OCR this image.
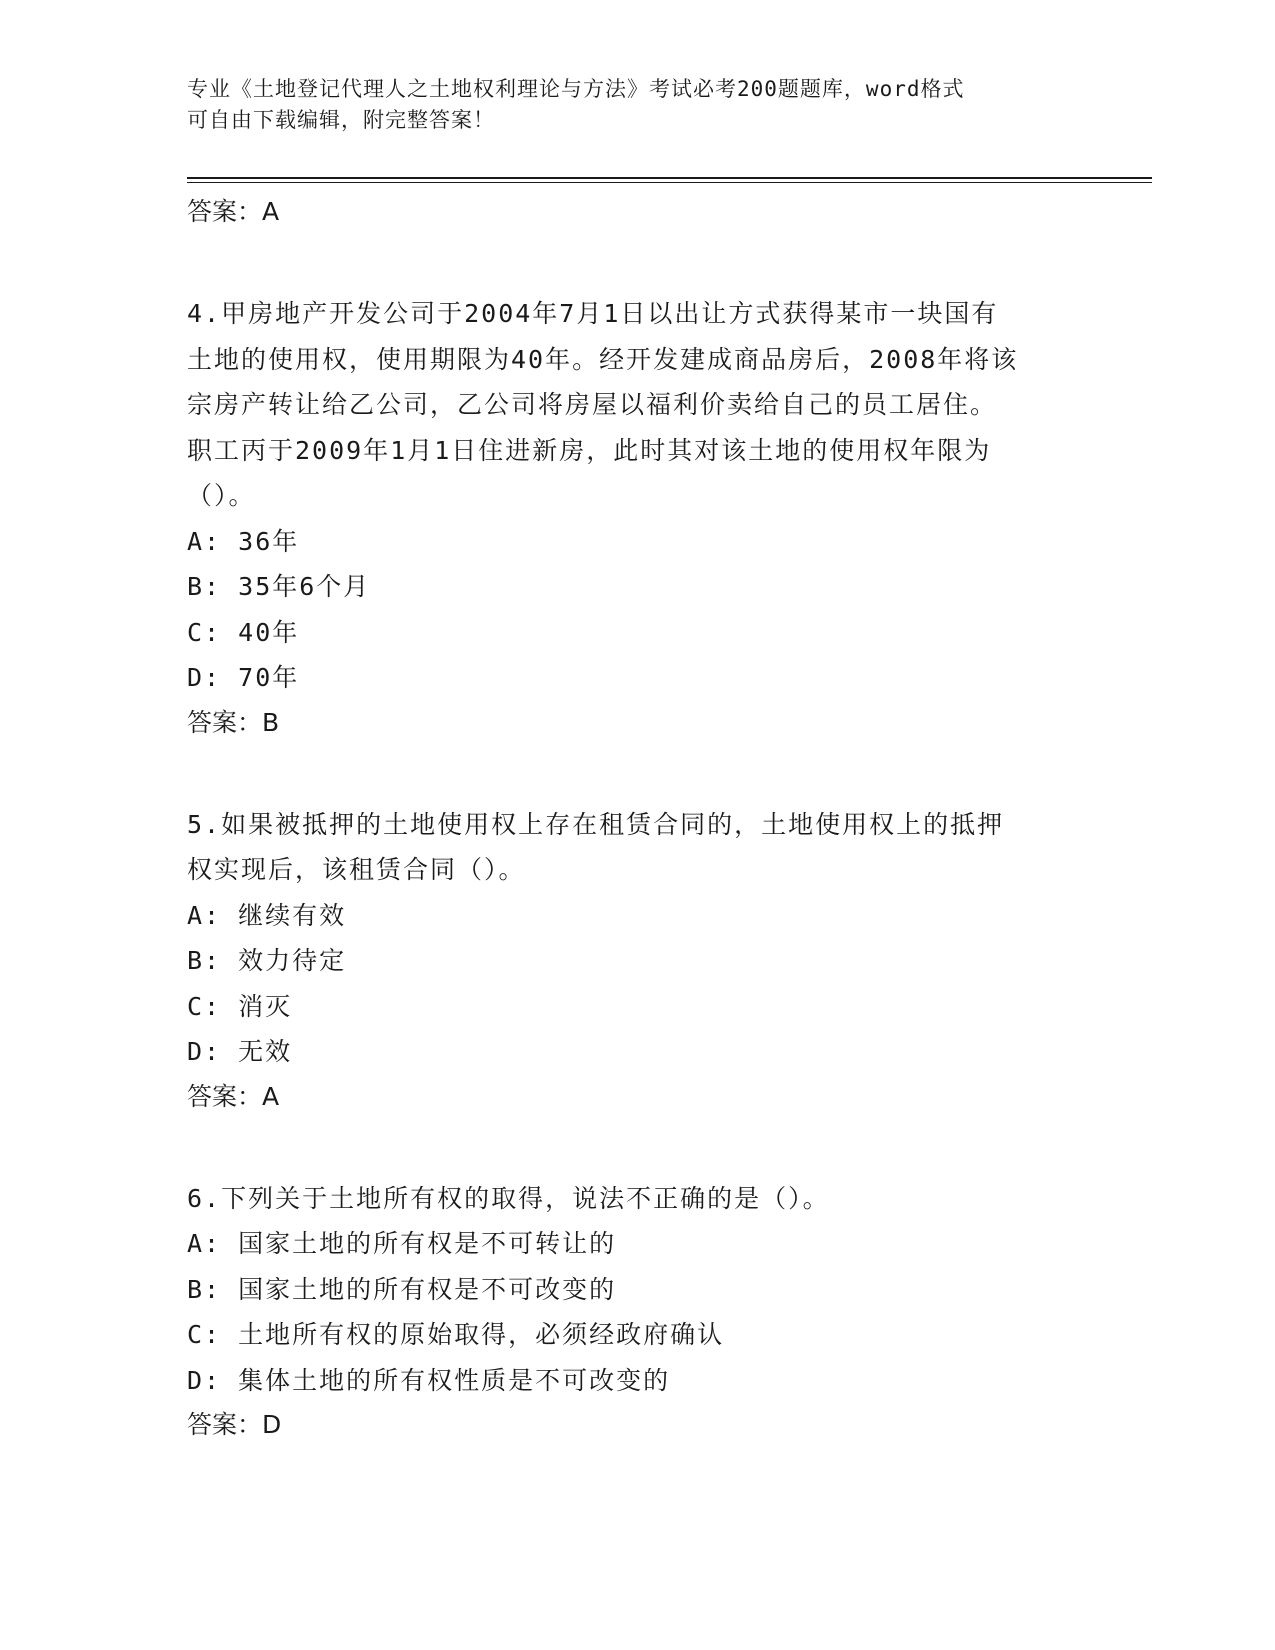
专业《土地登记代理人之土地权利理论与方法》考试必考200题题库，word格式
可自由下载编辑，附完整答案！
答案：A
4.甲房地产开发公司于2004年7月1日以出让方式获得某市一块国有
土地的使用权，使用期限为40年。经开发建成商品房后，2008年将该
宗房产转让给乙公司，乙公司将房屋以福利价卖给自己的员工居住。
职工丙于2009年1月1日住进新房，此时其对该土地的使用权年限为
（）。
A: 36年
B: 35年6个月
C: 40年
D: 70年
答案：B
5.如果被抵押的土地使用权上存在租赁合同的，土地使用权上的抵押
权实现后，该租赁合同（）。
A: 继续有效
B: 效力待定
C: 消灭
D: 无效
答案：A
6.下列关于土地所有权的取得，说法不正确的是（）。
A: 国家土地的所有权是不可转让的
B: 国家土地的所有权是不可改变的
C: 土地所有权的原始取得，必须经政府确认
D: 集体土地的所有权性质是不可改变的
答案：D
